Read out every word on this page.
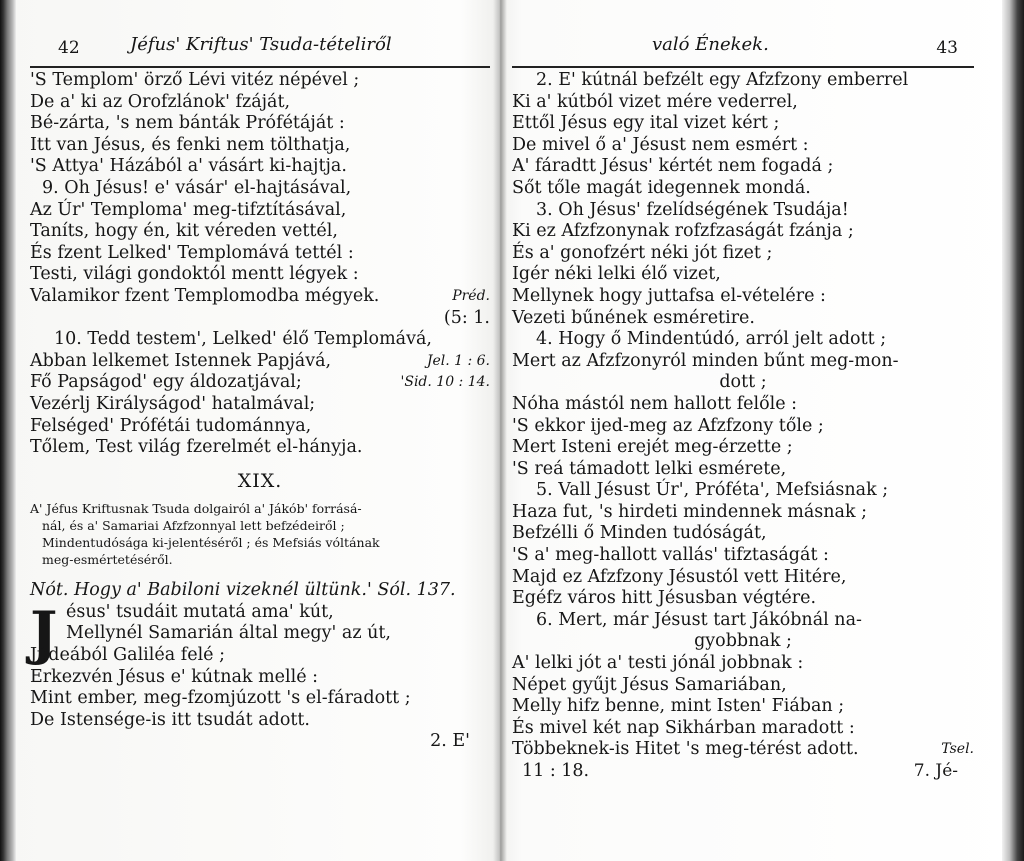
42	Jéfus' Kriftus' Tsuda-tételiről
'S Templom' örző Lévi vitéz népével ;
De a' ki az Orofzlánok' fzáját,
Bé-zárta, 's nem bánták Prófétáját :
Itt van Jésus, és fenki nem tölthatja,
'S Attya' Házából a' vásárt ki-hajtja.
9. Oh Jésus! e' vásár' el-hajtásával,
Az Úr' Temploma' meg-tifztításával,
Taníts, hogy én, kit véreden vettél,
És fzent Lelked' Templomává tettél :
Testi, világi gondoktól mentt légyek :
Valamikor fzent Templomodba mégyek.	Préd.
(5: 1.
10. Tedd testem', Lelked' élő Templomává,
Abban lelkemet Istennek Papjává,	Jel. 1 : 6.
Fő Papságod' egy áldozatjával;	'Sid. 10 : 14.
Vezérlj Királyságod' hatalmával;
Felséged' Prófétái tudománnya,
Tőlem, Test világ fzerelmét el-hányja.
XIX.
A' Jéfus Kriftusnak Tsuda dolgairól a' Jákób' forrásá-
nál, és a' Samariai Afzfzonnyal lett befzédeiről ;
Mindentudósága ki-jelentéséről ; és Mefsiás vóltának
meg-esmértetéséről.
Nót. Hogy a' Babiloni vizeknél ültünk.' Sól. 137.
J ésus' tsudáit mutatá ama' kút,
Mellynél Samarián által megy' az út,
Júdeából Galiléa felé ;
Erkezvén Jésus e' kútnak mellé :
Mint ember, meg-fzomjúzott 's el-fáradott ;
De Istensége-is itt tsudát adott.
2. E'
való Énekek.	43
2. E' kútnál befzélt egy Afzfzony emberrel
Ki a' kútból vizet mére vederrel,
Ettől Jésus egy ital vizet kért ;
De mivel ő a' Jésust nem esmért :
A' fáradtt Jésus' kértét nem fogadá ;
Sőt tőle magát idegennek mondá.
3. Oh Jésus' fzelídségének Tsudája!
Ki ez Afzfzonynak rofzfzaságát fzánja ;
És a' gonofzért néki jót fizet ;
Igér néki lelki élő vizet,
Mellynek hogy juttafsa el-vételére :
Vezeti bűnének esméretire.
4. Hogy ő Mindentúdó, arról jelt adott ;
Mert az Afzfzonyról minden bűnt meg-mon-
dott ;
Nóha mástól nem hallott felőle :
'S ekkor ijed-meg az Afzfzony tőle ;
Mert Isteni erejét meg-érzette ;
'S reá támadott lelki esmérete,
5. Vall Jésust Úr', Próféta', Mefsiásnak ;
Haza fut, 's hirdeti mindennek másnak ;
Befzélli ő Minden tudóságát,
'S a' meg-hallott vallás' tifztaságát :
Majd ez Afzfzony Jésustól vett Hitére,
Egéfz város hitt Jésusban végtére.
6. Mert, már Jésust tart Jákóbnál na-
gyobbnak ;
A' lelki jót a' testi jónál jobbnak :
Népet gyűjt Jésus Samariában,
Melly hifz benne, mint Isten' Fiában ;
És mivel két nap Sikhárban maradott :
Többeknek-is Hitet 's meg-térést adott.	Tsel.
11 : 18.	7. Jé-
